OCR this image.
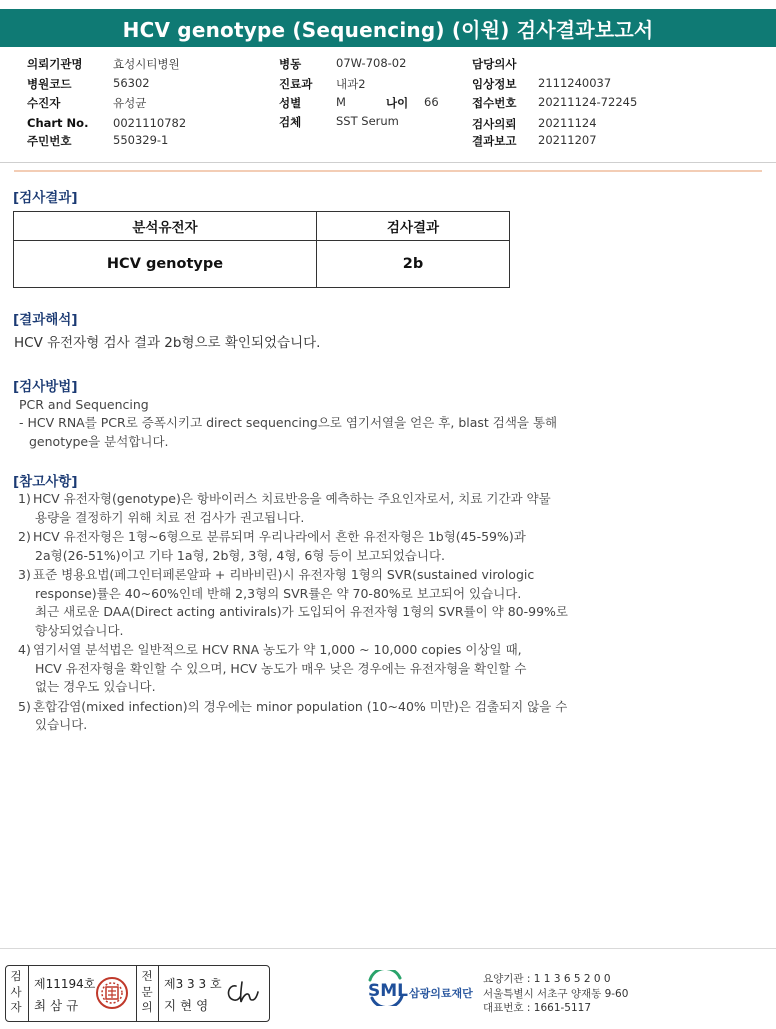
HCV genotype (Sequencing) (이원) 검사결과보고서
의뢰기관명	효성시티병원
병원코드	56302
수진자	유성균
Chart No. 0021110782
주민번호	550329-1
병동	07W-708-02
진료과 내과2
성별	M	나이 66
검체	SST Serum
담당의사
임상정보 2111240037
접수번호 20211124-72245
검사의뢰 20211124
결과보고 20211207
[검사결과]
분석유전자	검사결과
HCV genotype	2b
[결과해석]
HCV 유전자형 검사 결과 2b형으로 확인되었습니다.
[검사방법]
PCR and Sequencing
- HCV RNA를 PCR로 증폭시키고 direct sequencing으로 염기서열을 얻은 후, blast 검색을 통해
genotype을 분석합니다.
[참고사항]
1) HCV 유전자형(genotype)은 항바이러스 치료반응을 예측하는 주요인자로서, 치료 기간과 약물
용량을 결정하기 위해 치료 전 검사가 권고됩니다.
2) HCV 유전자형은 1형~6형으로 분류되며 우리나라에서 흔한 유전자형은 1b형(45-59%)과
2a형(26-51%)이고 기타 1a형, 2b형, 3형, 4형, 6형 등이 보고되었습니다.
3) 표준 병용요법(페그인터페론알파 + 리바비린)시 유전자형 1형의 SVR(sustained virologic
response)률은 40~60%인데 반해 2,3형의 SVR률은 약 70-80%로 보고되어 있습니다.
최근 새로운 DAA(Direct acting antivirals)가 도입되어 유전자형 1형의 SVR률이 약 80-99%로
향상되었습니다.
4) 염기서열 분석법은 일반적으로 HCV RNA 농도가 약 1,000 ~ 10,000 copies 이상일 때,
HCV 유전자형을 확인할 수 있으며, HCV 농도가 매우 낮은 경우에는 유전자형을 확인할 수
없는 경우도 있습니다.
5) 혼합감염(mixed infection)의 경우에는 minor population (10~40% 미만)은 검출되지 않을 수
있습니다.
검사자
제11194호
최 삼 규
전문의
제3 3 3 호
지 현 영
SML 삼광의료재단
요양기관 : 1 1 3 6 5 2 0 0
서울특별시 서초구 양재동 9-60
대표번호 : 1661-5117
